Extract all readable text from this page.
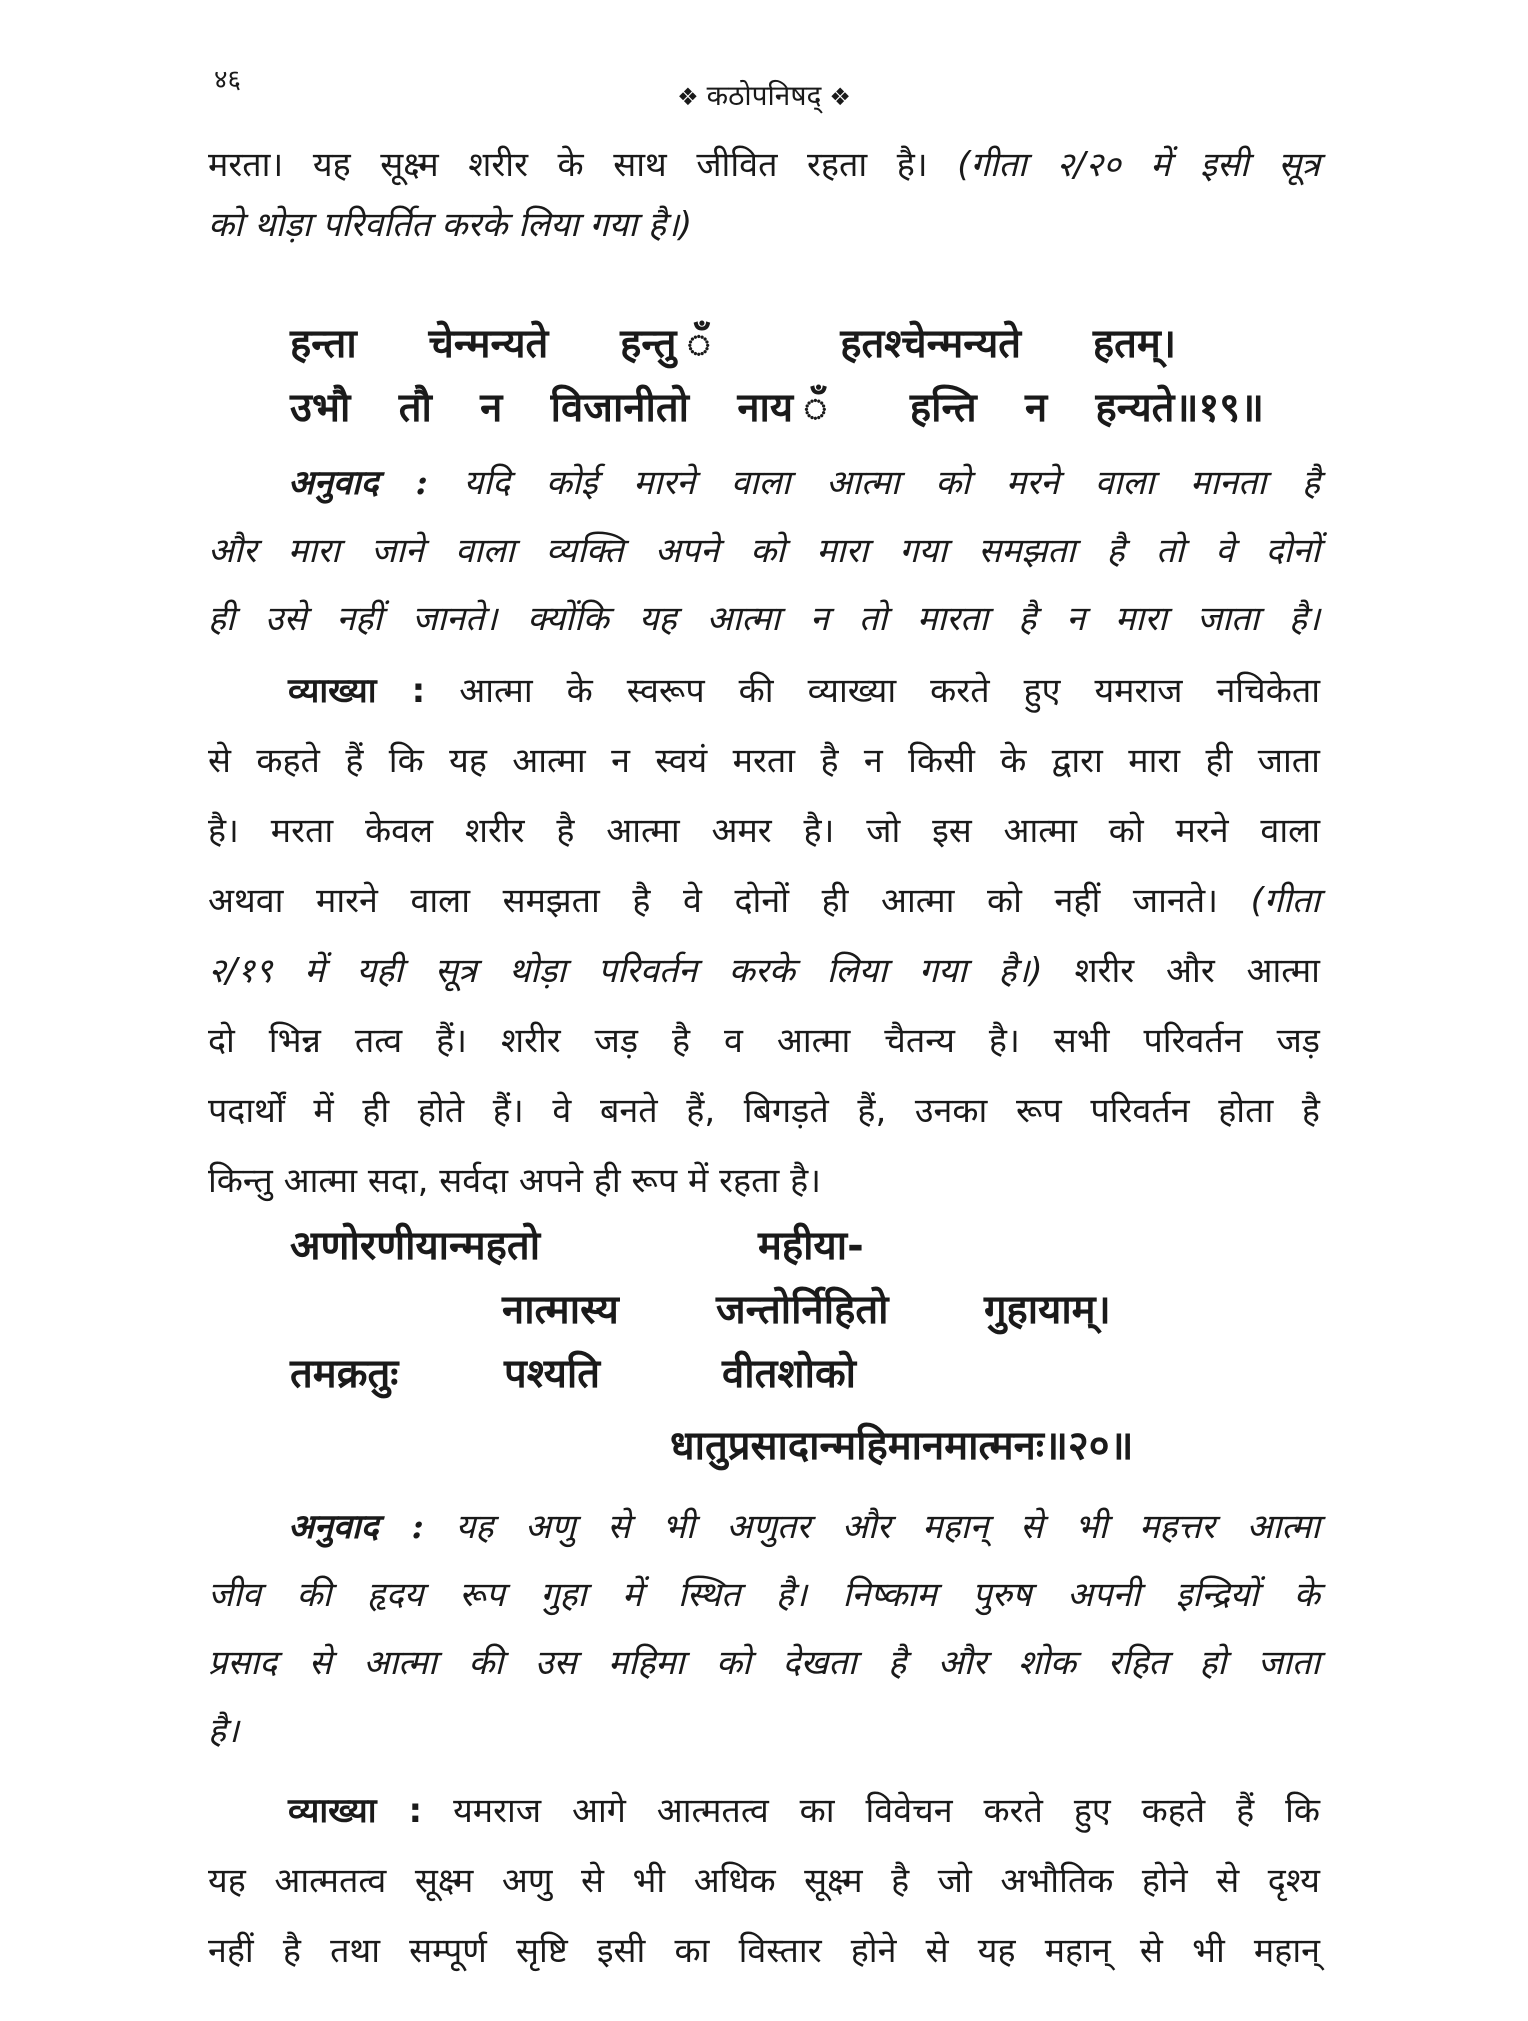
४६
❖ कठोपनिषद् ❖
मरता। यह सूक्ष्म शरीर के साथ जीवित रहता है। (गीता २/२० में इसी सूत्र
को थोड़ा परिवर्तित करके लिया गया है।)
हन्ता चेन्मन्यते हन्तु ँ हतश्चेन्मन्यते हतम्।
उभौ तौ न विजानीतो नाय ँ हन्ति न हन्यते॥१९॥
अनुवाद : यदि कोई मारने वाला आत्मा को मरने वाला मानता है
और मारा जाने वाला व्यक्ति अपने को मारा गया समझता है तो वे दोनों
ही उसे नहीं जानते। क्योंकि यह आत्मा न तो मारता है न मारा जाता है।
व्याख्या : आत्मा के स्वरूप की व्याख्या करते हुए यमराज नचिकेता
से कहते हैं कि यह आत्मा न स्वयं मरता है न किसी के द्वारा मारा ही जाता
है। मरता केवल शरीर है आत्मा अमर है। जो इस आत्मा को मरने वाला
अथवा मारने वाला समझता है वे दोनों ही आत्मा को नहीं जानते। (गीता
२/१९ में यही सूत्र थोड़ा परिवर्तन करके लिया गया है।) शरीर और आत्मा
दो भिन्न तत्व हैं। शरीर जड़ है व आत्मा चैतन्य है। सभी परिवर्तन जड़
पदार्थों में ही होते हैं। वे बनते हैं, बिगड़ते हैं, उनका रूप परिवर्तन होता है
किन्तु आत्मा सदा, सर्वदा अपने ही रूप में रहता है।
अणोरणीयान्महतो	महीया-
नात्मास्य जन्तोर्निहितो गुहायाम्।
तमक्रतुः	पश्यति	वीतशोको
धातुप्रसादान्महिमानमात्मनः॥२०॥
अनुवाद : यह अणु से भी अणुतर और महान् से भी महत्तर आत्मा
जीव की हृदय रूप गुहा में स्थित है। निष्काम पुरुष अपनी इन्द्रियों के
प्रसाद से आत्मा की उस महिमा को देखता है और शोक रहित हो जाता
है।
व्याख्या : यमराज आगे आत्मतत्व का विवेचन करते हुए कहते हैं कि
यह आत्मतत्व सूक्ष्म अणु से भी अधिक सूक्ष्म है जो अभौतिक होने से दृश्य
नहीं है तथा सम्पूर्ण सृष्टि इसी का विस्तार होने से यह महान् से भी महान्
